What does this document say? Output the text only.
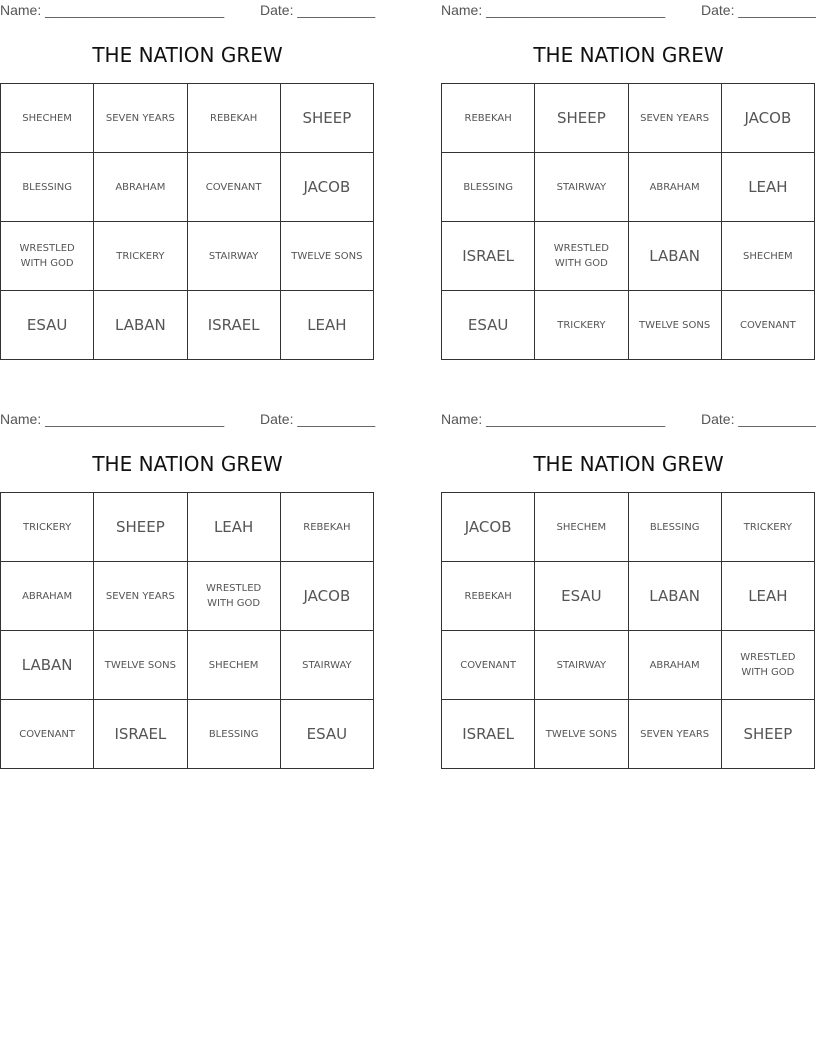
Name: _______________________	Date: __________
THE NATION GREW
SHECHEM	SEVEN YEARS	REBEKAH	SHEEP
BLESSING	ABRAHAM	COVENANT	JACOB
WRESTLED WITH GOD	TRICKERY	STAIRWAY	TWELVE SONS
ESAU	LABAN	ISRAEL	LEAH
Name: _______________________	Date: __________
THE NATION GREW
REBEKAH	SHEEP	SEVEN YEARS	JACOB
BLESSING	STAIRWAY	ABRAHAM	LEAH
ISRAEL	WRESTLED WITH GOD	LABAN	SHECHEM
ESAU	TRICKERY	TWELVE SONS	COVENANT
Name: _______________________	Date: __________
THE NATION GREW
TRICKERY	SHEEP	LEAH	REBEKAH
ABRAHAM	SEVEN YEARS	WRESTLED WITH GOD	JACOB
LABAN	TWELVE SONS	SHECHEM	STAIRWAY
COVENANT	ISRAEL	BLESSING	ESAU
Name: _______________________	Date: __________
THE NATION GREW
JACOB	SHECHEM	BLESSING	TRICKERY
REBEKAH	ESAU	LABAN	LEAH
COVENANT	STAIRWAY	ABRAHAM	WRESTLED WITH GOD
ISRAEL	TWELVE SONS	SEVEN YEARS	SHEEP
